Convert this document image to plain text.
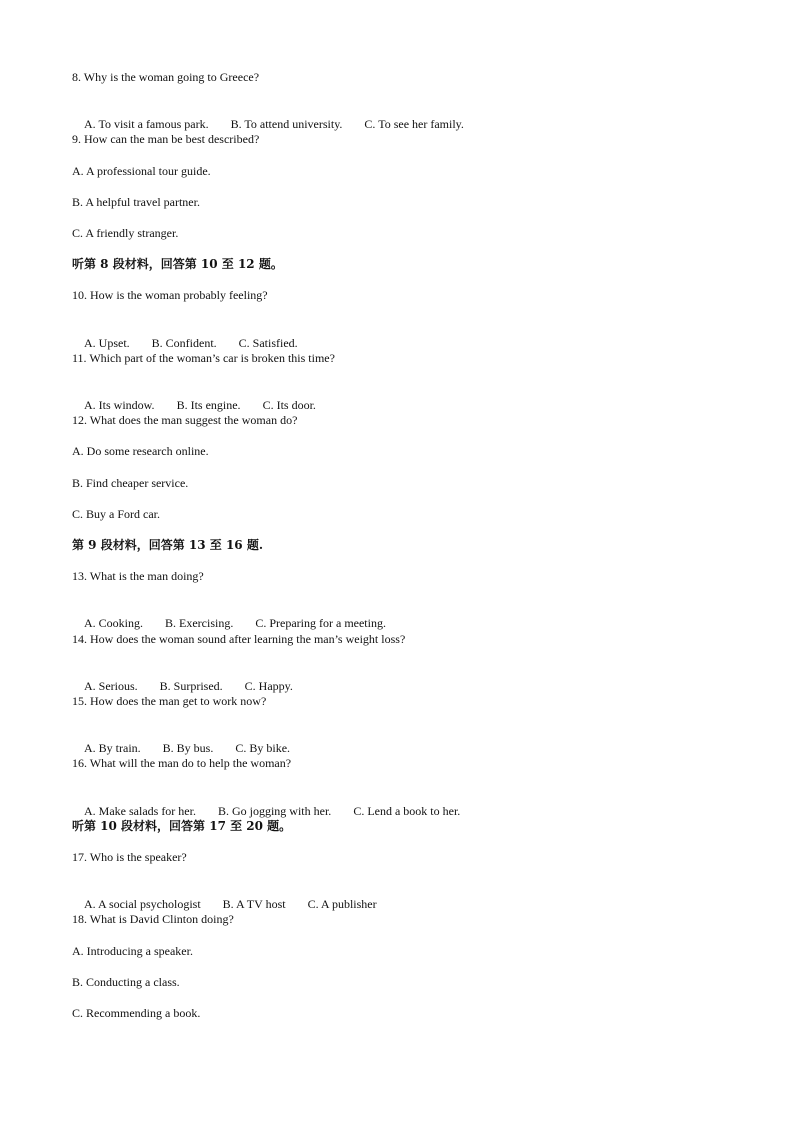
8. Why is the woman going to Greece?

A. To visit a famous park. B. To attend university. C. To see her family.

9. How can the man be best described?
A. A professional tour guide.
B. A helpful travel partner.
C. A friendly stranger.
听第 8 段材料，回答第 10 至 12 题。
10. How is the woman probably feeling?

A. Upset. B. Confident. C. Satisfied.

11. Which part of the woman’s car is broken this time?

A. Its window. B. Its engine. C. Its door.

12. What does the man suggest the woman do?
A. Do some research online.
B. Find cheaper service.
C. Buy a Ford car.
第 9 段材料，回答第 13 至 16 题.
13. What is the man doing?

A. Cooking. B. Exercising. C. Preparing for a meeting.

14. How does the woman sound after learning the man’s weight loss?

A. Serious. B. Surprised. C. Happy.

15. How does the man get to work now?

A. By train. B. By bus. C. By bike.

16. What will the man do to help the woman?

A. Make salads for her. B. Go jogging with her. C. Lend a book to her.

听第 10 段材料，回答第 17 至 20 题。
17. Who is the speaker?

A. A social psychologist B. A TV host C. A publisher

18. What is David Clinton doing?
A. Introducing a speaker.
B. Conducting a class.
C. Recommending a book.
